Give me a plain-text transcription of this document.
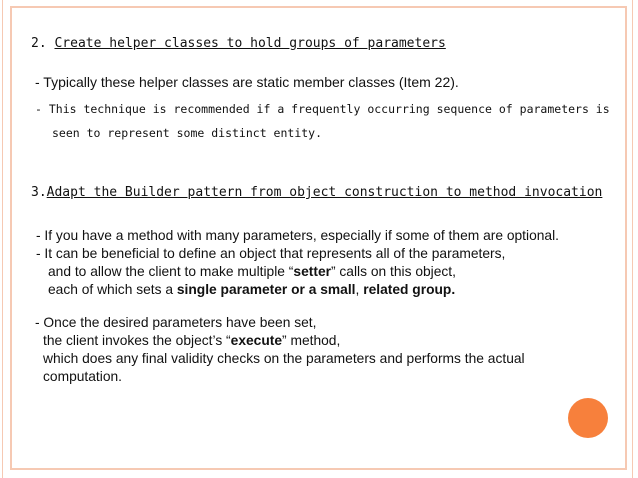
2. Create helper classes to hold groups of parameters
- Typically these helper classes are static member classes (Item 22).
- This technique is recommended if a frequently occurring sequence of parameters is
seen to represent some distinct entity.
3.Adapt the Builder pattern from object construction to method invocation
- If you have a method with many parameters, especially if some of them are optional.
- It can be beneficial to define an object that represents all of the parameters,
and to allow the client to make multiple “setter” calls on this object,
each of which sets a single parameter or a small, related group.
- Once the desired parameters have been set,
the client invokes the object’s “execute” method,
which does any final validity checks on the parameters and performs the actual
computation.
